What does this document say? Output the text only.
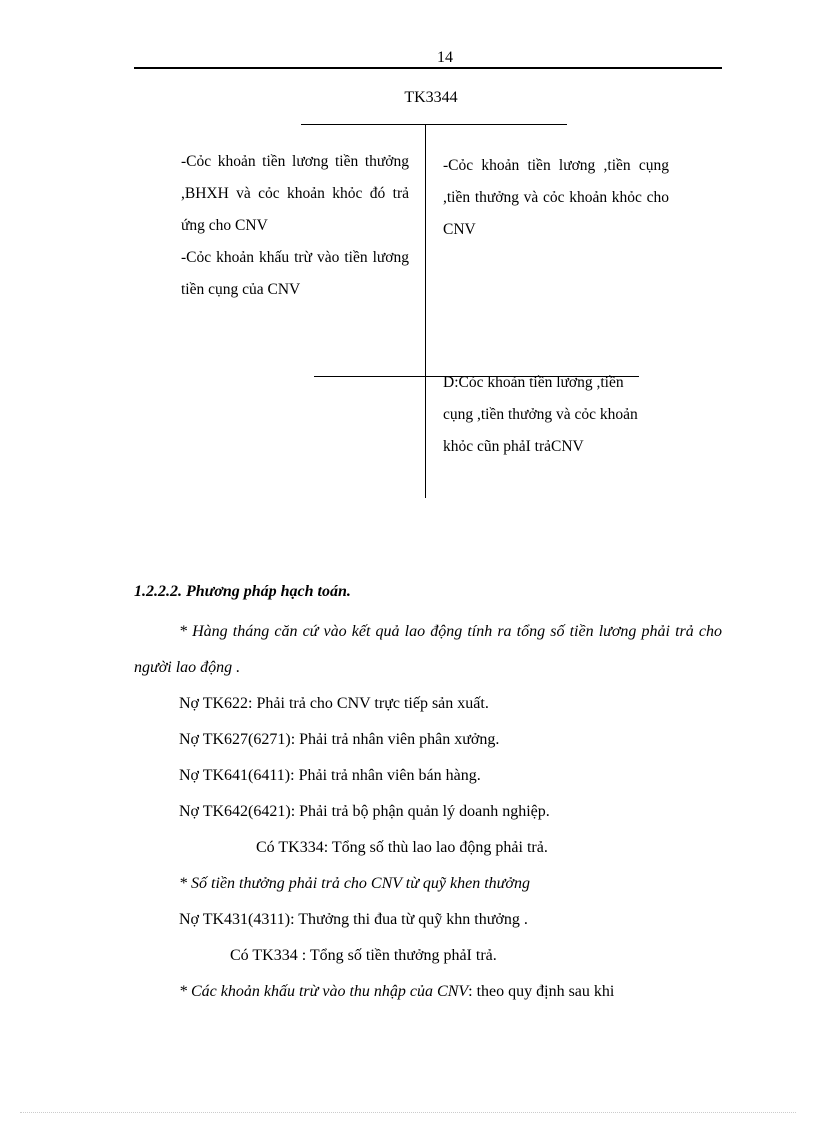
14
TK3344

-Cỏc khoản tiền lương tiền thưởng ,BHXH và cỏc khoản khỏc đó trả ứng cho CNV

-Cỏc khoản khấu trừ vào tiền lương tiền cụng của CNV

-Cỏc khoản tiền lương ,tiền cụng ,tiền thưởng và cỏc khoản khỏc cho CNV

D:Cỏc khoản tiền lương ,tiền cụng ,tiền thưởng và cỏc khoản khỏc cũn phảI trảCNV

1.2.2.2. Phương pháp hạch toán.

* Hàng tháng căn cứ vào kết quả lao động tính ra tổng số tiền lương phải trả cho người lao động .

Nợ TK622: Phải trả cho CNV trực tiếp sản xuất.

Nợ TK627(6271): Phải trả nhân viên phân xưởng.

Nợ TK641(6411): Phải trả nhân viên bán hàng.

Nợ TK642(6421): Phải trả bộ phận quản lý doanh nghiệp.

Có TK334: Tổng số thù lao lao động phải trả.

* Số tiền thưởng phải trả cho CNV từ quỹ khen thưởng

Nợ TK431(4311): Thưởng thi đua từ quỹ khn thưởng .

Có TK334 : Tổng số tiền thưởng phảI trả.

* Các khoản khấu trừ vào thu nhập của CNV: theo quy định sau khi
